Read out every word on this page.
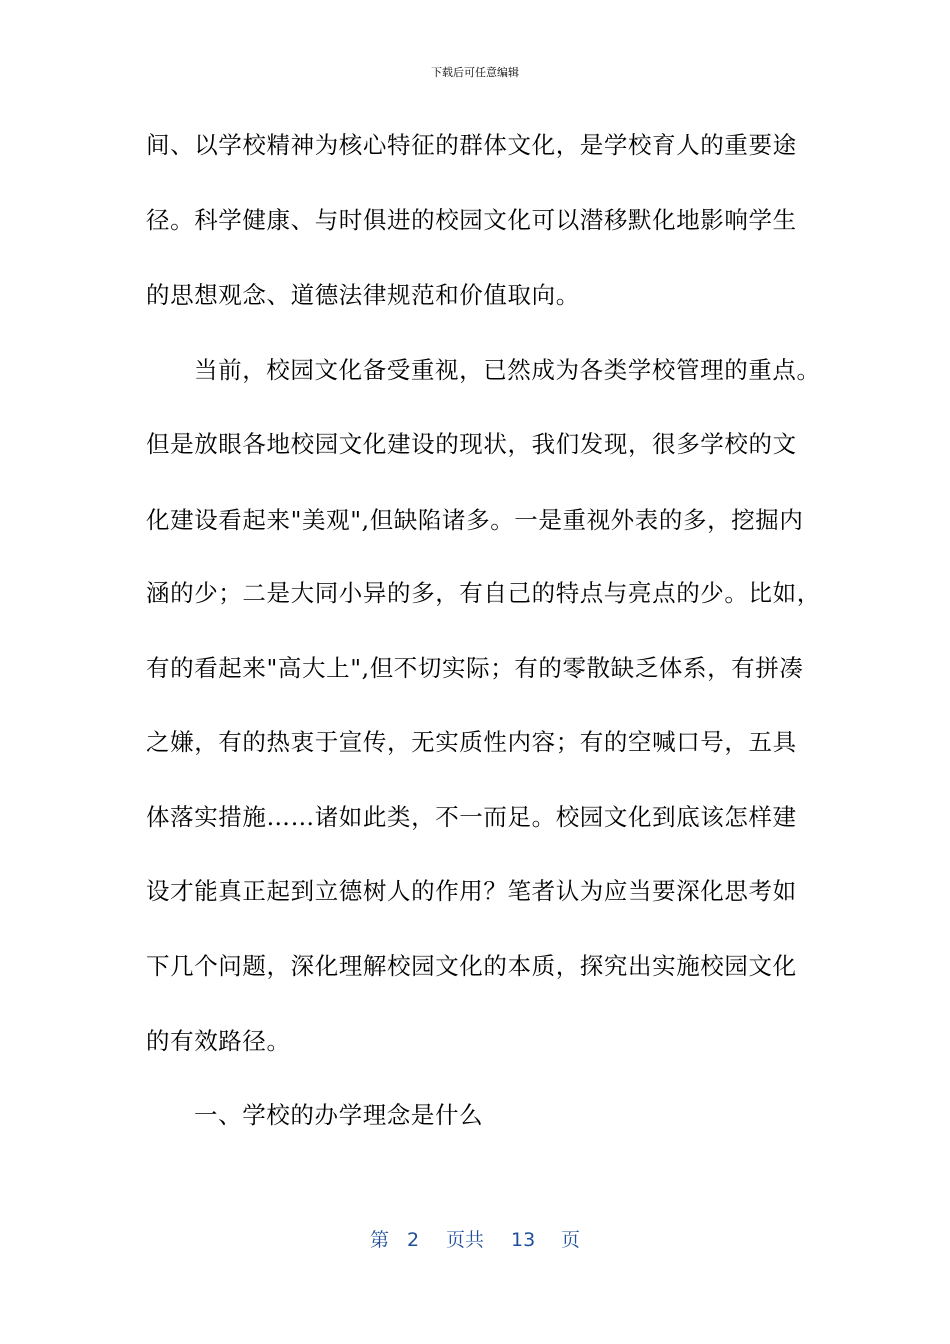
下载后可任意编辑
间、以学校精神为核心特征的群体文化，是学校育人的重要途
径。科学健康、与时俱进的校园文化可以潜移默化地影响学生
的思想观念、道德法律规范和价值取向。
当前，校园文化备受重视，已然成为各类学校管理的重点。
但是放眼各地校园文化建设的现状，我们发现，很多学校的文
化建设看起来"美观",但缺陷诸多。一是重视外表的多，挖掘内
涵的少；二是大同小异的多，有自己的特点与亮点的少。比如，
有的看起来"高大上",但不切实际；有的零散缺乏体系，有拼凑
之嫌，有的热衷于宣传，无实质性内容；有的空喊口号，五具
体落实措施……诸如此类，不一而足。校园文化到底该怎样建
设才能真正起到立德树人的作用？笔者认为应当要深化思考如
下几个问题，深化理解校园文化的本质，探究出实施校园文化
的有效路径。
一、学校的办学理念是什么
第 2 页共 13 页
